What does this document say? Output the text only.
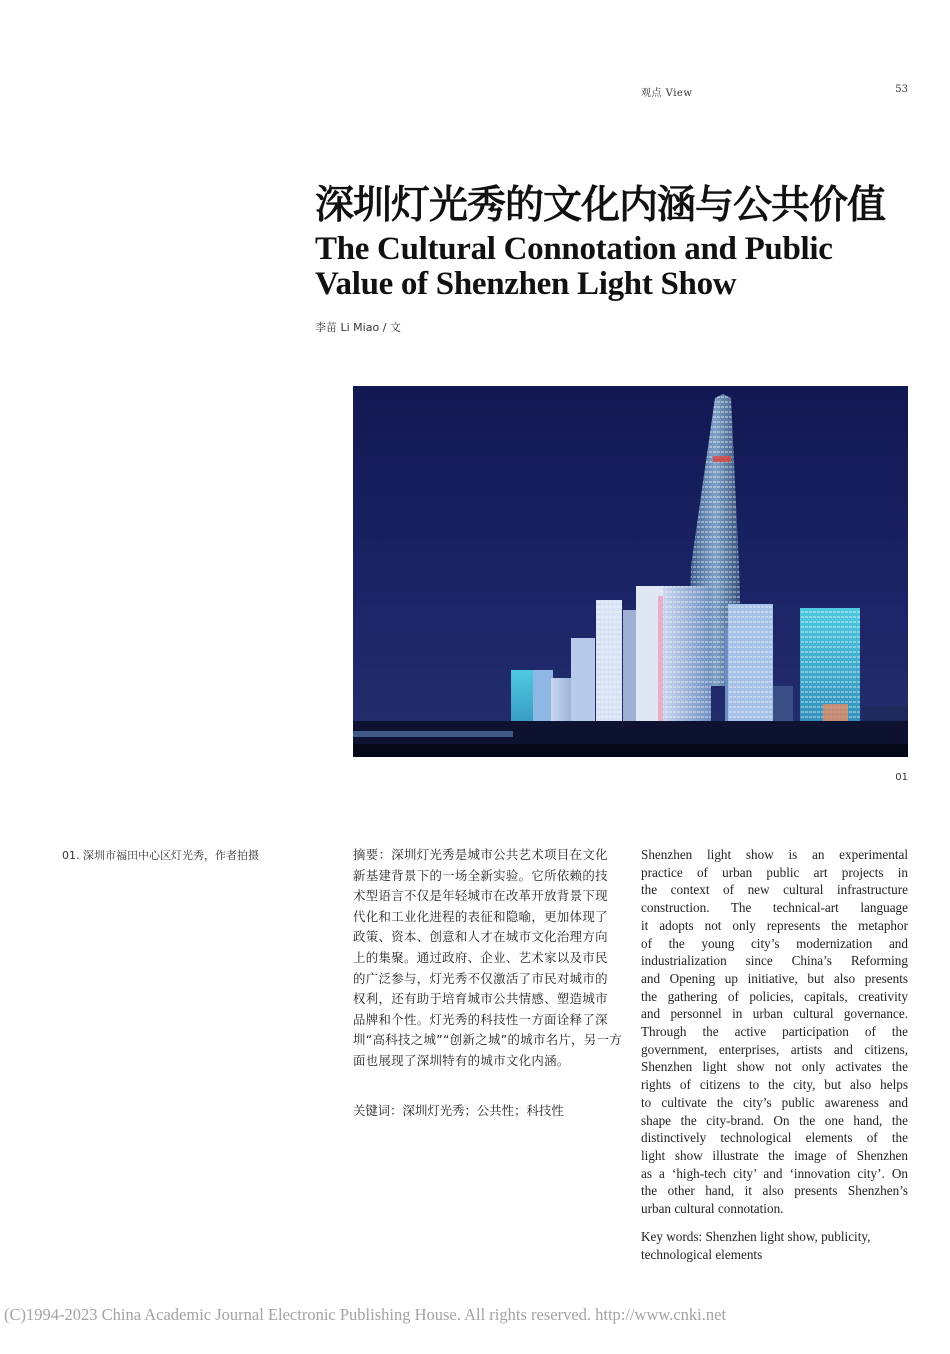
观点 View	53
深圳灯光秀的文化内涵与公共价值
The Cultural Connotation and Public
Value of Shenzhen Light Show
李苗 Li Miao / 文
01
01. 深圳市福田中心区灯光秀，作者拍摄	摘要：深圳灯光秀是城市公共艺术项目在文化
新基建背景下的一场全新实验。它所依赖的技
术型语言不仅是年轻城市在改革开放背景下现
代化和工业化进程的表征和隐喻，更加体现了
政策、资本、创意和人才在城市文化治理方向
上的集聚。通过政府、企业、艺术家以及市民
的广泛参与，灯光秀不仅激活了市民对城市的
权利，还有助于培育城市公共情感、塑造城市
品牌和个性。灯光秀的科技性一方面诠释了深
圳“高科技之城”“创新之城”的城市名片，另一方
面也展现了深圳特有的城市文化内涵。
关键词：深圳灯光秀；公共性；科技性
Shenzhen light show is an experimental
practice of urban public art projects in
the context of new cultural infrastructure
construction. The technical-art language
it adopts not only represents the metaphor
of the young city’s modernization and
industrialization since China’s Reforming
and Opening up initiative, but also presents
the gathering of policies, capitals, creativity
and personnel in urban cultural governance.
Through the active participation of the
government, enterprises, artists and citizens,
Shenzhen light show not only activates the
rights of citizens to the city, but also helps
to cultivate the city’s public awareness and
shape the city-brand. On the one hand, the
distinctively technological elements of the
light show illustrate the image of Shenzhen
as a ‘high-tech city’ and ‘innovation city’. On
the other hand, it also presents Shenzhen’s
urban cultural connotation.
Key words: Shenzhen light show, publicity,
technological elements
(C)1994-2023 China Academic Journal Electronic Publishing House. All rights reserved. http://www.cnki.net
